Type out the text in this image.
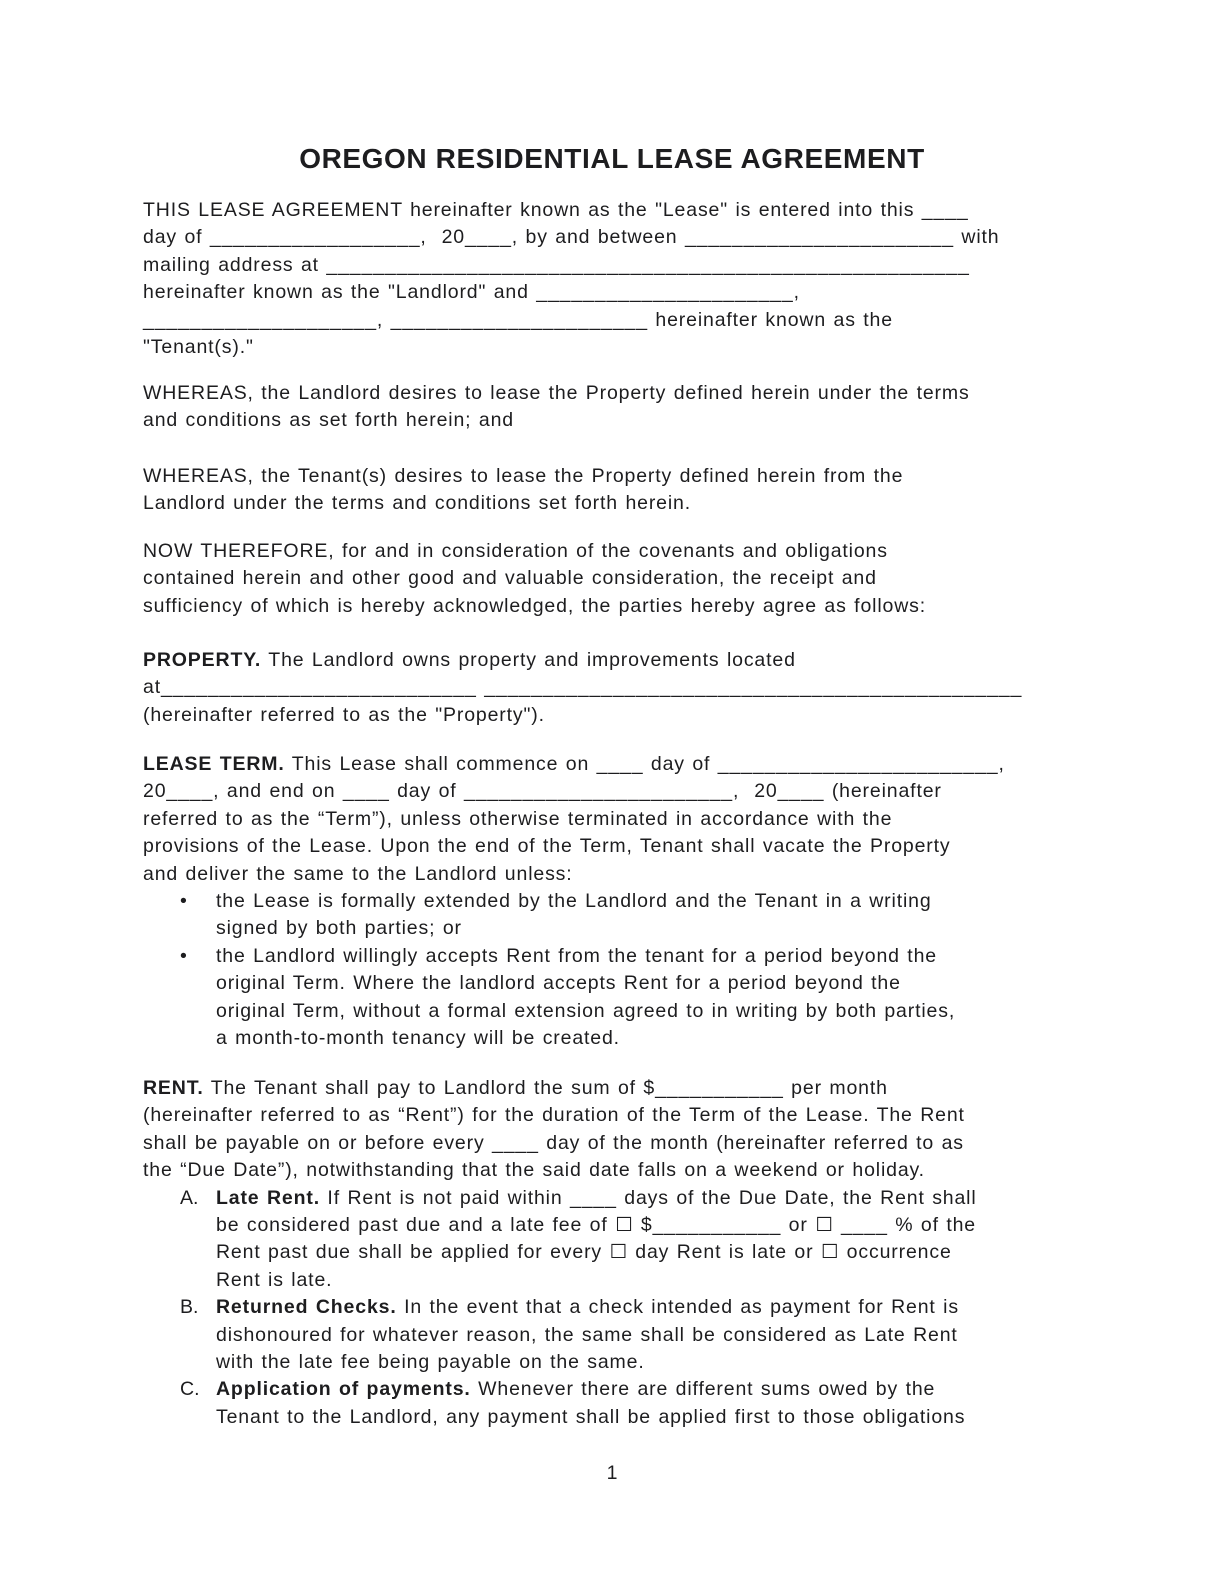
OREGON RESIDENTIAL LEASE AGREEMENT
THIS LEASE AGREEMENT hereinafter known as the "Lease" is entered into this ____
day of __________________,  20____, by and between _______________________ with
mailing address at _______________________________________________________
hereinafter known as the "Landlord" and ______________________,
____________________, ______________________ hereinafter known as the
"Tenant(s)."
WHEREAS, the Landlord desires to lease the Property defined herein under the terms
and conditions as set forth herein; and
WHEREAS, the Tenant(s) desires to lease the Property defined herein from the
Landlord under the terms and conditions set forth herein.
NOW THEREFORE, for and in consideration of the covenants and obligations
contained herein and other good and valuable consideration, the receipt and
sufficiency of which is hereby acknowledged, the parties hereby agree as follows:
PROPERTY. The Landlord owns property and improvements located
at___________________________ ______________________________________________
(hereinafter referred to as the "Property").
LEASE TERM. This Lease shall commence on ____ day of ________________________,
20____, and end on ____ day of _______________________,  20____ (hereinafter
referred to as the “Term”), unless otherwise terminated in accordance with the
provisions of the Lease. Upon the end of the Term, Tenant shall vacate the Property
and deliver the same to the Landlord unless:
• the Lease is formally extended by the Landlord and the Tenant in a writing
signed by both parties; or
• the Landlord willingly accepts Rent from the tenant for a period beyond the
original Term. Where the landlord accepts Rent for a period beyond the
original Term, without a formal extension agreed to in writing by both parties,
a month-to-month tenancy will be created.
RENT. The Tenant shall pay to Landlord the sum of $___________ per month
(hereinafter referred to as “Rent”) for the duration of the Term of the Lease. The Rent
shall be payable on or before every ____ day of the month (hereinafter referred to as
the “Due Date”), notwithstanding that the said date falls on a weekend or holiday.
A. Late Rent. If Rent is not paid within ____ days of the Due Date, the Rent shall
be considered past due and a late fee of ☐ $___________ or ☐ ____ % of the
Rent past due shall be applied for every ☐ day Rent is late or ☐ occurrence
Rent is late.
B. Returned Checks. In the event that a check intended as payment for Rent is
dishonoured for whatever reason, the same shall be considered as Late Rent
with the late fee being payable on the same.
C. Application of payments. Whenever there are different sums owed by the
Tenant to the Landlord, any payment shall be applied first to those obligations
1
